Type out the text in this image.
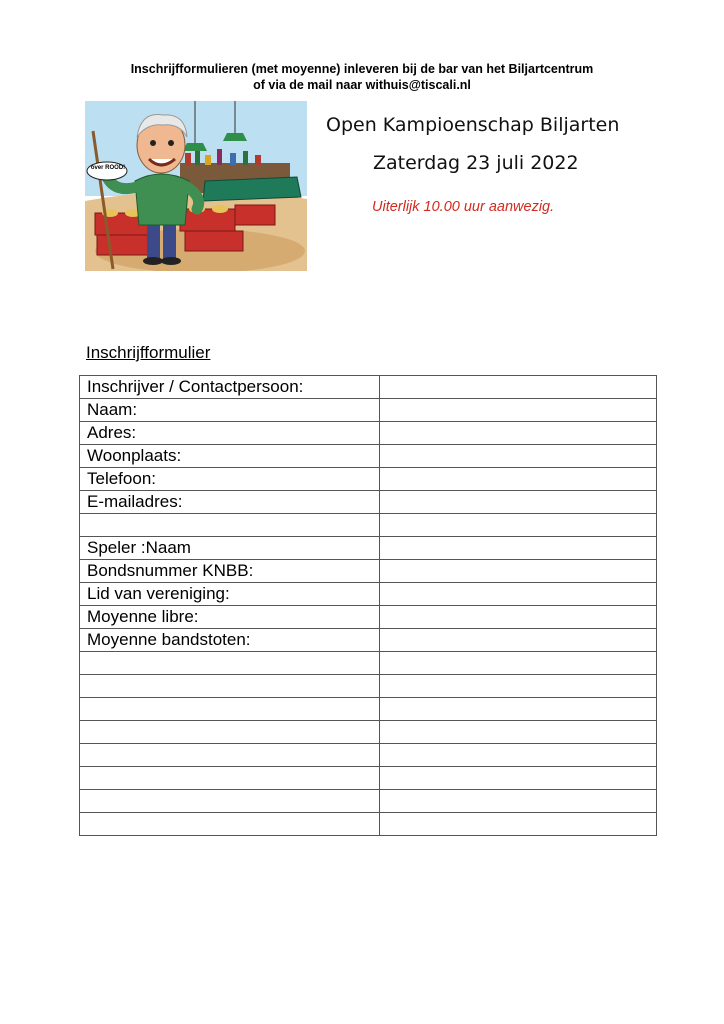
Inschrijfformulieren (met moyenne) inleveren bij de bar van het Biljartcentrum
of via de mail naar withuis@tiscali.nl
over ROOD!
Open Kampioenschap Biljarten
Zaterdag 23 juli 2022
Uiterlijk 10.00 uur aanwezig.
Inschrijfformulier
Inschrijver / Contactpersoon:	
Naam:	
Adres:	
Woonplaats:	
Telefoon:	
E-mailadres:	

Speler :Naam	
Bondsnummer KNBB:	
Lid van vereniging:	
Moyenne libre:	
Moyenne bandstoten:	
